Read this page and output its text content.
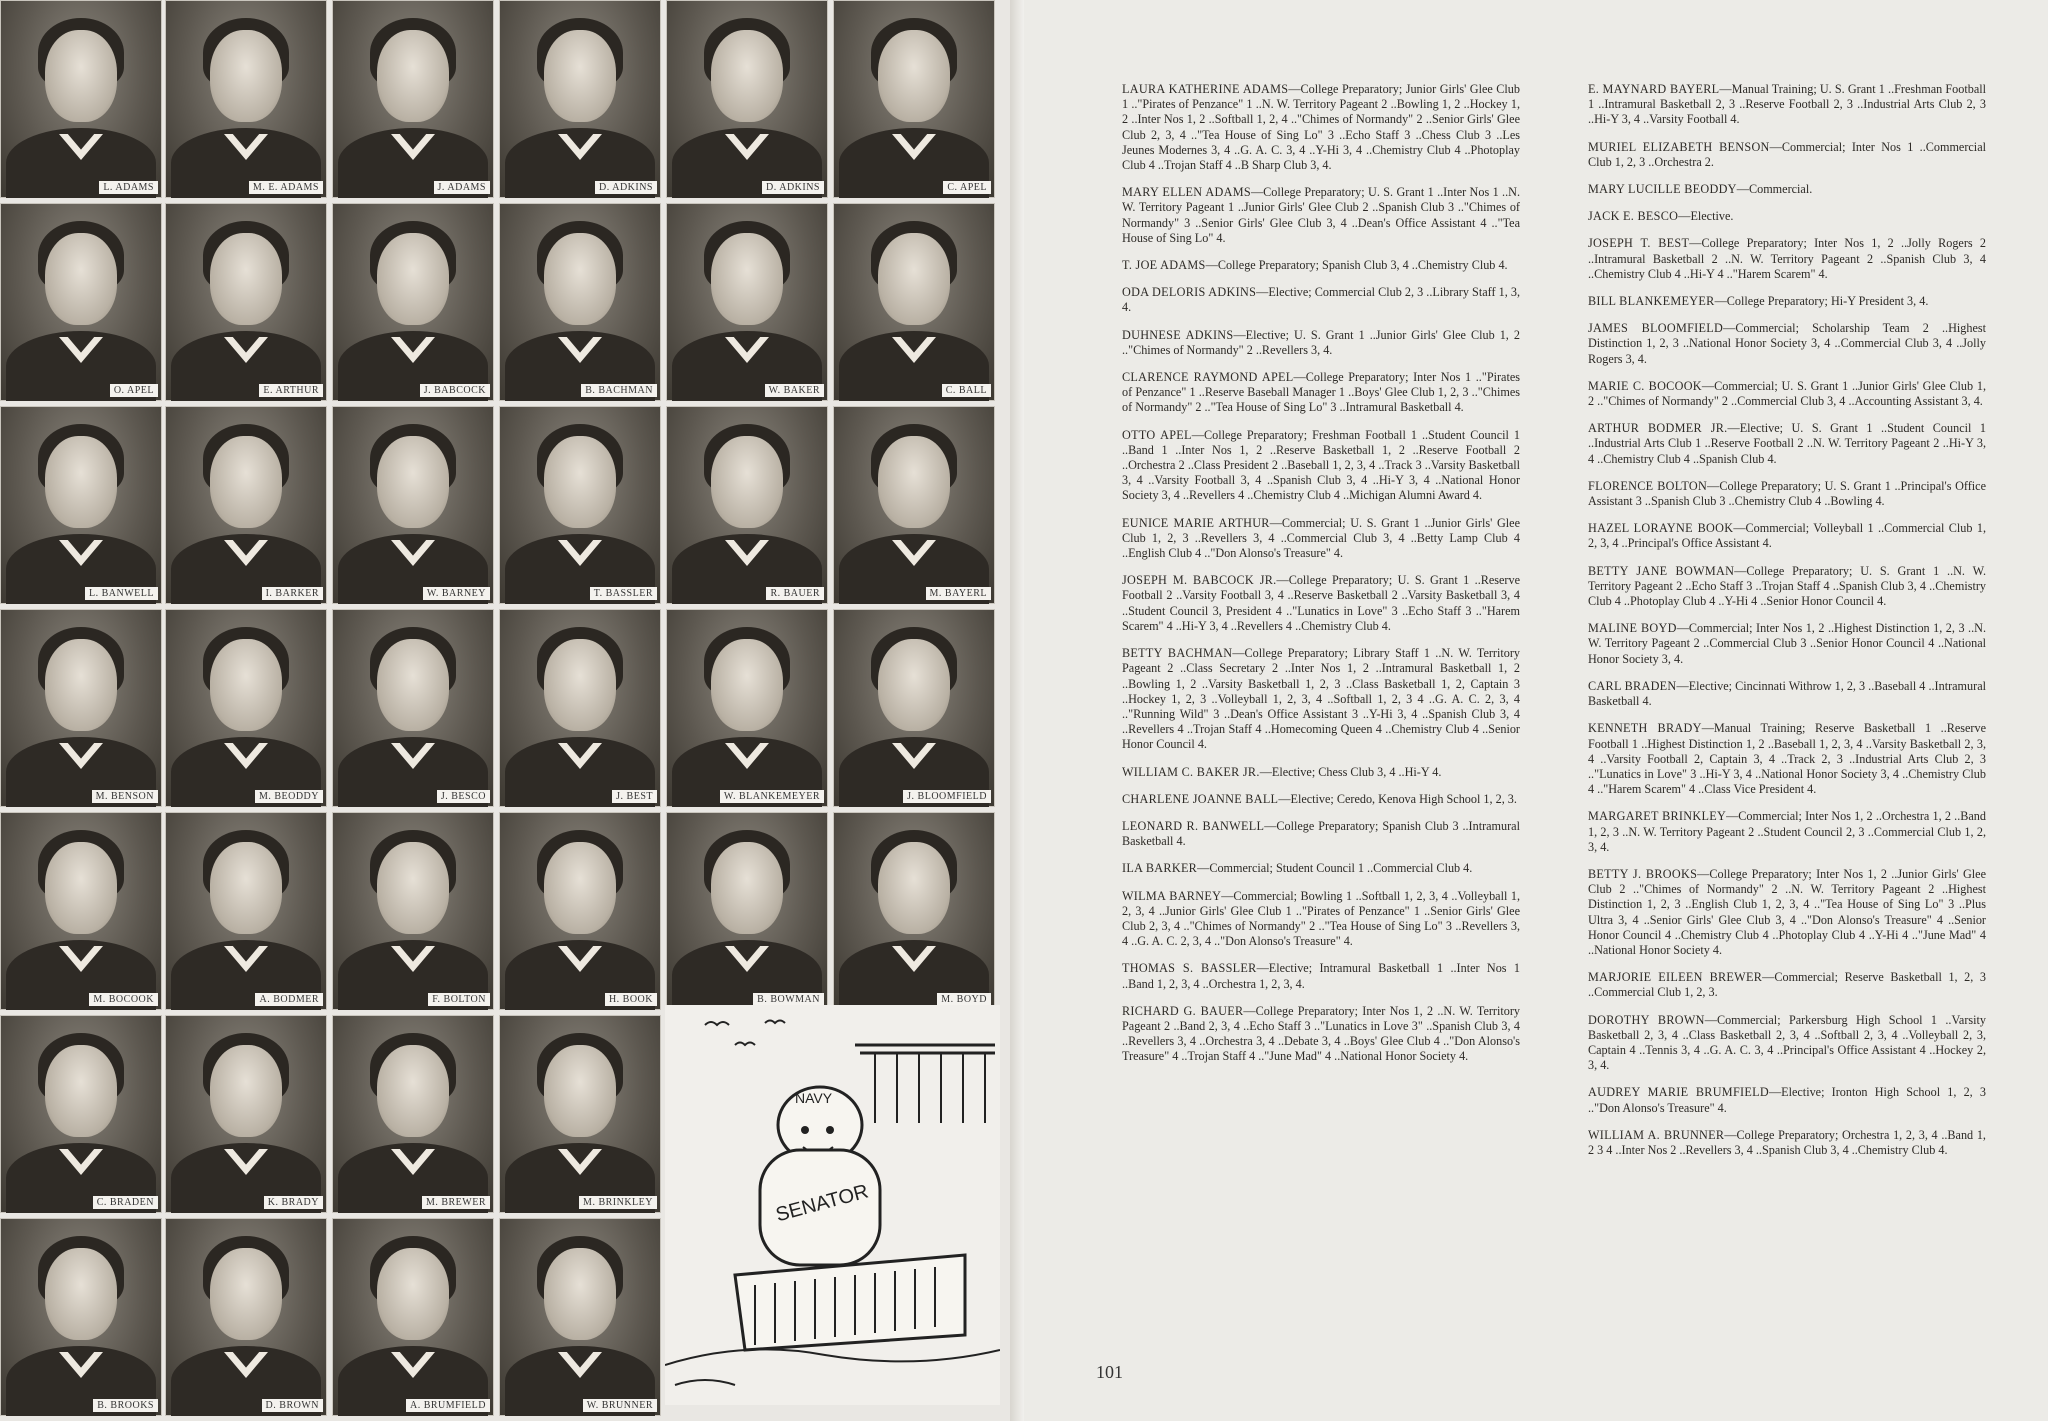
L. ADAMS	M. E. ADAMS	J. ADAMS	D. ADKINS	D. ADKINS	C. APEL
O. APEL	E. ARTHUR	J. BABCOCK	B. BACHMAN	W. BAKER	C. BALL
L. BANWELL	I. BARKER	W. BARNEY	T. BASSLER	R. BAUER	M. BAYERL
M. BENSON	M. BEODDY	J. BESCO	J. BEST	W. BLANKEMEYER	J. BLOOMFIELD
M. BOCOOK	A. BODMER	F. BOLTON	H. BOOK	B. BOWMAN	M. BOYD
C. BRADEN	K. BRADY	M. BREWER	M. BRINKLEY
B. BROOKS	D. BROWN	A. BRUMFIELD	W. BRUNNER
NAVY
SENATOR

LAURA KATHERINE ADAMS—College Preparatory; Junior Girls' Glee Club 1 .."Pirates of Penzance" 1 ..N. W. Territory Pageant 2 ..Bowling 1, 2 ..Hockey 1, 2 ..Inter Nos 1, 2 ..Softball 1, 2, 4 .."Chimes of Normandy" 2 ..Senior Girls' Glee Club 2, 3, 4 .."Tea House of Sing Lo" 3 ..Echo Staff 3 ..Chess Club 3 ..Les Jeunes Modernes 3, 4 ..G. A. C. 3, 4 ..Y-Hi 3, 4 ..Chemistry Club 4 ..Photoplay Club 4 ..Trojan Staff 4 ..B Sharp Club 3, 4.

MARY ELLEN ADAMS—College Preparatory; U. S. Grant 1 ..Inter Nos 1 ..N. W. Territory Pageant 1 ..Junior Girls' Glee Club 2 ..Spanish Club 3 .."Chimes of Normandy" 3 ..Senior Girls' Glee Club 3, 4 ..Dean's Office Assistant 4 .."Tea House of Sing Lo" 4.

T. JOE ADAMS—College Preparatory; Spanish Club 3, 4 ..Chemistry Club 4.

ODA DELORIS ADKINS—Elective; Commercial Club 2, 3 ..Library Staff 1, 3, 4.

DUHNESE ADKINS—Elective; U. S. Grant 1 ..Junior Girls' Glee Club 1, 2 .."Chimes of Normandy" 2 ..Revellers 3, 4.

CLARENCE RAYMOND APEL—College Preparatory; Inter Nos 1 .."Pirates of Penzance" 1 ..Reserve Baseball Manager 1 ..Boys' Glee Club 1, 2, 3 .."Chimes of Normandy" 2 .."Tea House of Sing Lo" 3 ..Intramural Basketball 4.

OTTO APEL—College Preparatory; Freshman Football 1 ..Student Council 1 ..Band 1 ..Inter Nos 1, 2 ..Reserve Basketball 1, 2 ..Reserve Football 2 ..Orchestra 2 ..Class President 2 ..Baseball 1, 2, 3, 4 ..Track 3 ..Varsity Basketball 3, 4 ..Varsity Football 3, 4 ..Spanish Club 3, 4 ..Hi-Y 3, 4 ..National Honor Society 3, 4 ..Revellers 4 ..Chemistry Club 4 ..Michigan Alumni Award 4.

EUNICE MARIE ARTHUR—Commercial; U. S. Grant 1 ..Junior Girls' Glee Club 1, 2, 3 ..Revellers 3, 4 ..Commercial Club 3, 4 ..Betty Lamp Club 4 ..English Club 4 .."Don Alonso's Treasure" 4.

JOSEPH M. BABCOCK JR.—College Preparatory; U. S. Grant 1 ..Reserve Football 2 ..Varsity Football 3, 4 ..Reserve Basketball 2 ..Varsity Basketball 3, 4 ..Student Council 3, President 4 .."Lunatics in Love" 3 ..Echo Staff 3 .."Harem Scarem" 4 ..Hi-Y 3, 4 ..Revellers 4 ..Chemistry Club 4.

BETTY BACHMAN—College Preparatory; Library Staff 1 ..N. W. Territory Pageant 2 ..Class Secretary 2 ..Inter Nos 1, 2 ..Intramural Basketball 1, 2 ..Bowling 1, 2 ..Varsity Basketball 1, 2, 3 ..Class Basketball 1, 2, Captain 3 ..Hockey 1, 2, 3 ..Volleyball 1, 2, 3, 4 ..Softball 1, 2, 3 4 ..G. A. C. 2, 3, 4 .."Running Wild" 3 ..Dean's Office Assistant 3 ..Y-Hi 3, 4 ..Spanish Club 3, 4 ..Revellers 4 ..Trojan Staff 4 ..Homecoming Queen 4 ..Chemistry Club 4 ..Senior Honor Council 4.

WILLIAM C. BAKER JR.—Elective; Chess Club 3, 4 ..Hi-Y 4.

CHARLENE JOANNE BALL—Elective; Ceredo, Kenova High School 1, 2, 3.

LEONARD R. BANWELL—College Preparatory; Spanish Club 3 ..Intramural Basketball 4.

ILA BARKER—Commercial; Student Council 1 ..Commercial Club 4.

WILMA BARNEY—Commercial; Bowling 1 ..Softball 1, 2, 3, 4 ..Volleyball 1, 2, 3, 4 ..Junior Girls' Glee Club 1 .."Pirates of Penzance" 1 ..Senior Girls' Glee Club 2, 3, 4 .."Chimes of Normandy" 2 .."Tea House of Sing Lo" 3 ..Revellers 3, 4 ..G. A. C. 2, 3, 4 .."Don Alonso's Treasure" 4.

THOMAS S. BASSLER—Elective; Intramural Basketball 1 ..Inter Nos 1 ..Band 1, 2, 3, 4 ..Orchestra 1, 2, 3, 4.

RICHARD G. BAUER—College Preparatory; Inter Nos 1, 2 ..N. W. Territory Pageant 2 ..Band 2, 3, 4 ..Echo Staff 3 .."Lunatics in Love 3" ..Spanish Club 3, 4 ..Revellers 3, 4 ..Orchestra 3, 4 ..Debate 3, 4 ..Boys' Glee Club 4 .."Don Alonso's Treasure" 4 ..Trojan Staff 4 .."June Mad" 4 ..National Honor Society 4.

E. MAYNARD BAYERL—Manual Training; U. S. Grant 1 ..Freshman Football 1 ..Intramural Basketball 2, 3 ..Reserve Football 2, 3 ..Industrial Arts Club 2, 3 ..Hi-Y 3, 4 ..Varsity Football 4.

MURIEL ELIZABETH BENSON—Commercial; Inter Nos 1 ..Commercial Club 1, 2, 3 ..Orchestra 2.

MARY LUCILLE BEODDY—Commercial.

JACK E. BESCO—Elective.

JOSEPH T. BEST—College Preparatory; Inter Nos 1, 2 ..Jolly Rogers 2 ..Intramural Basketball 2 ..N. W. Territory Pageant 2 ..Spanish Club 3, 4 ..Chemistry Club 4 ..Hi-Y 4 .."Harem Scarem" 4.

BILL BLANKEMEYER—College Preparatory; Hi-Y President 3, 4.

JAMES BLOOMFIELD—Commercial; Scholarship Team 2 ..Highest Distinction 1, 2, 3 ..National Honor Society 3, 4 ..Commercial Club 3, 4 ..Jolly Rogers 3, 4.

MARIE C. BOCOOK—Commercial; U. S. Grant 1 ..Junior Girls' Glee Club 1, 2 .."Chimes of Normandy" 2 ..Commercial Club 3, 4 ..Accounting Assistant 3, 4.

ARTHUR BODMER JR.—Elective; U. S. Grant 1 ..Student Council 1 ..Industrial Arts Club 1 ..Reserve Football 2 ..N. W. Territory Pageant 2 ..Hi-Y 3, 4 ..Chemistry Club 4 ..Spanish Club 4.

FLORENCE BOLTON—College Preparatory; U. S. Grant 1 ..Principal's Office Assistant 3 ..Spanish Club 3 ..Chemistry Club 4 ..Bowling 4.

HAZEL LORAYNE BOOK—Commercial; Volleyball 1 ..Commercial Club 1, 2, 3, 4 ..Principal's Office Assistant 4.

BETTY JANE BOWMAN—College Preparatory; U. S. Grant 1 ..N. W. Territory Pageant 2 ..Echo Staff 3 ..Trojan Staff 4 ..Spanish Club 3, 4 ..Chemistry Club 4 ..Photoplay Club 4 ..Y-Hi 4 ..Senior Honor Council 4.

MALINE BOYD—Commercial; Inter Nos 1, 2 ..Highest Distinction 1, 2, 3 ..N. W. Territory Pageant 2 ..Commercial Club 3 ..Senior Honor Council 4 ..National Honor Society 3, 4.

CARL BRADEN—Elective; Cincinnati Withrow 1, 2, 3 ..Baseball 4 ..Intramural Basketball 4.

KENNETH BRADY—Manual Training; Reserve Basketball 1 ..Reserve Football 1 ..Highest Distinction 1, 2 ..Baseball 1, 2, 3, 4 ..Varsity Basketball 2, 3, 4 ..Varsity Football 2, Captain 3, 4 ..Track 2, 3 ..Industrial Arts Club 2, 3 .."Lunatics in Love" 3 ..Hi-Y 3, 4 ..National Honor Society 3, 4 ..Chemistry Club 4 .."Harem Scarem" 4 ..Class Vice President 4.

MARGARET BRINKLEY—Commercial; Inter Nos 1, 2 ..Orchestra 1, 2 ..Band 1, 2, 3 ..N. W. Territory Pageant 2 ..Student Council 2, 3 ..Commercial Club 1, 2, 3, 4.

BETTY J. BROOKS—College Preparatory; Inter Nos 1, 2 ..Junior Girls' Glee Club 2 .."Chimes of Normandy" 2 ..N. W. Territory Pageant 2 ..Highest Distinction 1, 2, 3 ..English Club 1, 2, 3, 4 .."Tea House of Sing Lo" 3 ..Plus Ultra 3, 4 ..Senior Girls' Glee Club 3, 4 .."Don Alonso's Treasure" 4 ..Senior Honor Council 4 ..Chemistry Club 4 ..Photoplay Club 4 ..Y-Hi 4 .."June Mad" 4 ..National Honor Society 4.

MARJORIE EILEEN BREWER—Commercial; Reserve Basketball 1, 2, 3 ..Commercial Club 1, 2, 3.

DOROTHY BROWN—Commercial; Parkersburg High School 1 ..Varsity Basketball 2, 3, 4 ..Class Basketball 2, 3, 4 ..Softball 2, 3, 4 ..Volleyball 2, 3, Captain 4 ..Tennis 3, 4 ..G. A. C. 3, 4 ..Principal's Office Assistant 4 ..Hockey 2, 3, 4.

AUDREY MARIE BRUMFIELD—Elective; Ironton High School 1, 2, 3 .."Don Alonso's Treasure" 4.

WILLIAM A. BRUNNER—College Preparatory; Orchestra 1, 2, 3, 4 ..Band 1, 2 3 4 ..Inter Nos 2 ..Revellers 3, 4 ..Spanish Club 3, 4 ..Chemistry Club 4.

101
